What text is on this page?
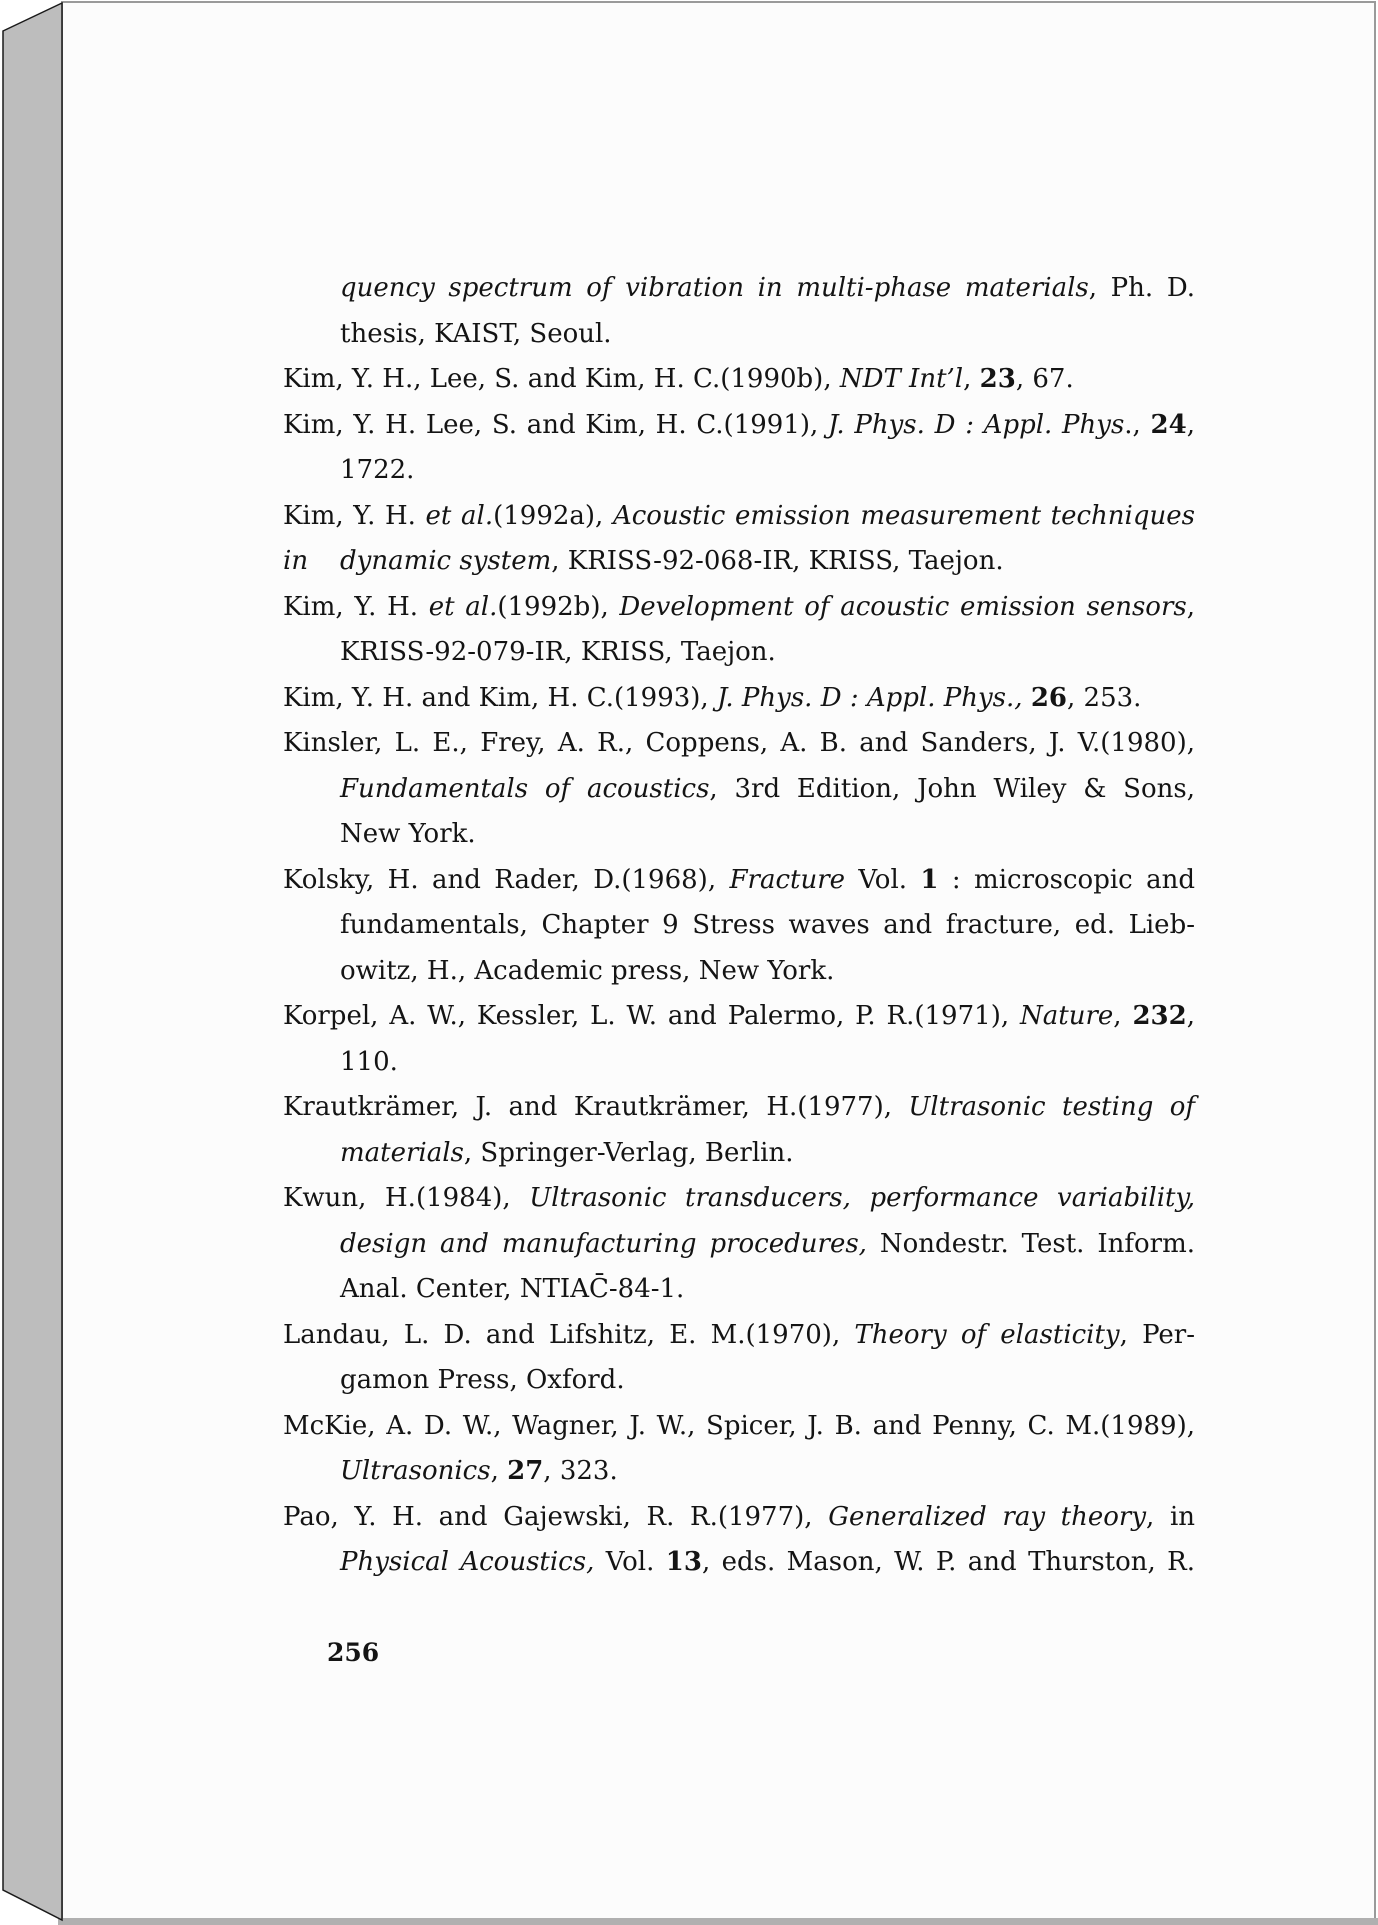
quency spectrum of vibration in multi-phase materials, Ph. D.
thesis, KAIST, Seoul.
Kim, Y. H., Lee, S. and Kim, H. C.(1990b), NDT Int’l, 23, 67.
Kim, Y. H. Lee, S. and Kim, H. C.(1991), J. Phys. D : Appl. Phys., 24,
1722.
Kim, Y. H. et al.(1992a), Acoustic emission measurement techniques in	dynamic system, KRISS-92-068-IR, KRISS, Taejon.
Kim, Y. H. et al.(1992b), Development of acoustic emission sensors,
KRISS-92-079-IR, KRISS, Taejon.
Kim, Y. H. and Kim, H. C.(1993), J. Phys. D : Appl. Phys., 26, 253.
Kinsler, L. E., Frey, A. R., Coppens, A. B. and Sanders, J. V.(1980),
Fundamentals of acoustics, 3rd Edition, John Wiley & Sons,
New York.
Kolsky, H. and Rader, D.(1968), Fracture Vol. 1 : microscopic and
fundamentals, Chapter 9 Stress waves and fracture, ed. Lieb-
owitz, H., Academic press, New York.
Korpel, A. W., Kessler, L. W. and Palermo, P. R.(1971), Nature, 232,
110.
Krautkrämer, J. and Krautkrämer, H.(1977), Ultrasonic testing of
materials, Springer-Verlag, Berlin.
Kwun, H.(1984), Ultrasonic transducers, performance variability,
design and manufacturing procedures, Nondestr. Test. Inform.
Anal. Center, NTIAC̄-84-1.
Landau, L. D. and Lifshitz, E. M.(1970), Theory of elasticity, Per-
gamon Press, Oxford.
McKie, A. D. W., Wagner, J. W., Spicer, J. B. and Penny, C. M.(1989),
Ultrasonics, 27, 323.
Pao, Y. H. and Gajewski, R. R.(1977), Generalized ray theory, in
Physical Acoustics, Vol. 13, eds. Mason, W. P. and Thurston, R.
256
